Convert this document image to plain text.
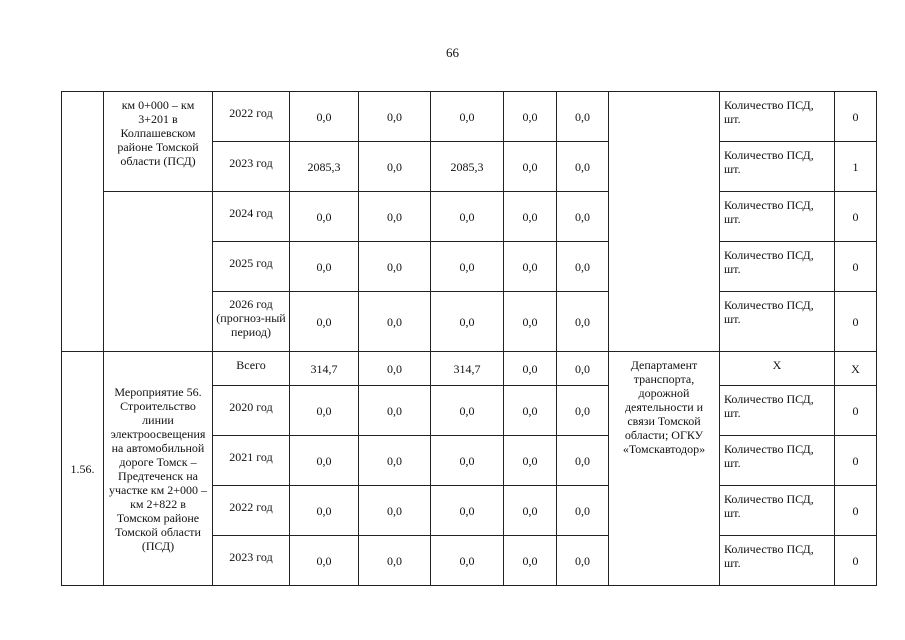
66
	км 0+000 – км 3+201 в Колпашевском районе Томской области (ПСД)	2022 год	0,0	0,0	0,0	0,0	0,0		Количество ПСД, шт.	0
		2023 год	2085,3	0,0	2085,3	0,0	0,0		Количество ПСД, шт.	1
		2024 год	0,0	0,0	0,0	0,0	0,0		Количество ПСД, шт.	0
		2025 год	0,0	0,0	0,0	0,0	0,0		Количество ПСД, шт.	0
		2026 год (прогноз-ный период)	0,0	0,0	0,0	0,0	0,0		Количество ПСД, шт.	0
1.56.	Мероприятие 56. Строительство линии электроосвещения на автомобильной дороге Томск – Предтеченск на участке км 2+000 – км 2+822 в Томском районе Томской области (ПСД)	Всего	314,7	0,0	314,7	0,0	0,0	Департамент транспорта, дорожной деятельности и связи Томской области; ОГКУ «Томскавтодор»	Х	Х
		2020 год	0,0	0,0	0,0	0,0	0,0		Количество ПСД, шт.	0
		2021 год	0,0	0,0	0,0	0,0	0,0		Количество ПСД, шт.	0
		2022 год	0,0	0,0	0,0	0,0	0,0		Количество ПСД, шт.	0
		2023 год	0,0	0,0	0,0	0,0	0,0		Количество ПСД, шт.	0
